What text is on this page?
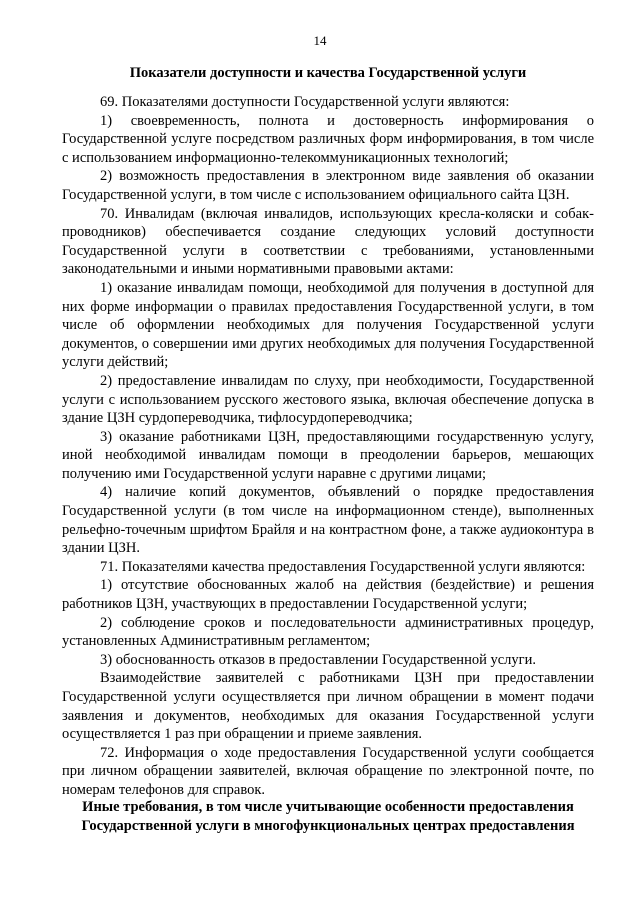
14
Показатели доступности и качества Государственной услуги

69. Показателями доступности Государственной услуги являются:

1) своевременность, полнота и достоверность информирования о Государственной услуге посредством различных форм информирования, в том числе с использованием информационно-телекоммуникационных технологий;

2) возможность предоставления в электронном виде заявления об оказании Государственной услуги, в том числе с использованием официального сайта ЦЗН.

70. Инвалидам (включая инвалидов, использующих кресла-коляски и собак-проводников) обеспечивается создание следующих условий доступности Государственной услуги в соответствии с требованиями, установленными законодательными и иными нормативными правовыми актами:

1) оказание инвалидам помощи, необходимой для получения в доступной для них форме информации о правилах предоставления Государственной услуги, в том числе об оформлении необходимых для получения Государственной услуги документов, о совершении ими других необходимых для получения Государственной услуги действий;

2) предоставление инвалидам по слуху, при необходимости, Государственной услуги с использованием русского жестового языка, включая обеспечение допуска в здание ЦЗН сурдопереводчика, тифлосурдопереводчика;

3) оказание работниками ЦЗН, предоставляющими государственную услугу, иной необходимой инвалидам помощи в преодолении барьеров, мешающих получению ими Государственной услуги наравне с другими лицами;

4) наличие копий документов, объявлений о порядке предоставления Государственной услуги (в том числе на информационном стенде), выполненных рельефно-точечным шрифтом Брайля и на контрастном фоне, а также аудиоконтура в здании ЦЗН.

71. Показателями качества предоставления Государственной услуги являются:

1) отсутствие обоснованных жалоб на действия (бездействие) и решения работников ЦЗН, участвующих в предоставлении Государственной услуги;

2) соблюдение сроков и последовательности административных процедур, установленных Административным регламентом;

3) обоснованность отказов в предоставлении Государственной услуги.

Взаимодействие заявителей с работниками ЦЗН при предоставлении Государственной услуги осуществляется при личном обращении в момент подачи заявления и документов, необходимых для оказания Государственной услуги осуществляется 1 раз при обращении и приеме заявления.

72. Информация о ходе предоставления Государственной услуги сообщается при личном обращении заявителей, включая обращение по электронной почте, по номерам телефонов для справок.

Иные требования, в том числе учитывающие особенности предоставления
Государственной услуги в многофункциональных центрах предоставления
